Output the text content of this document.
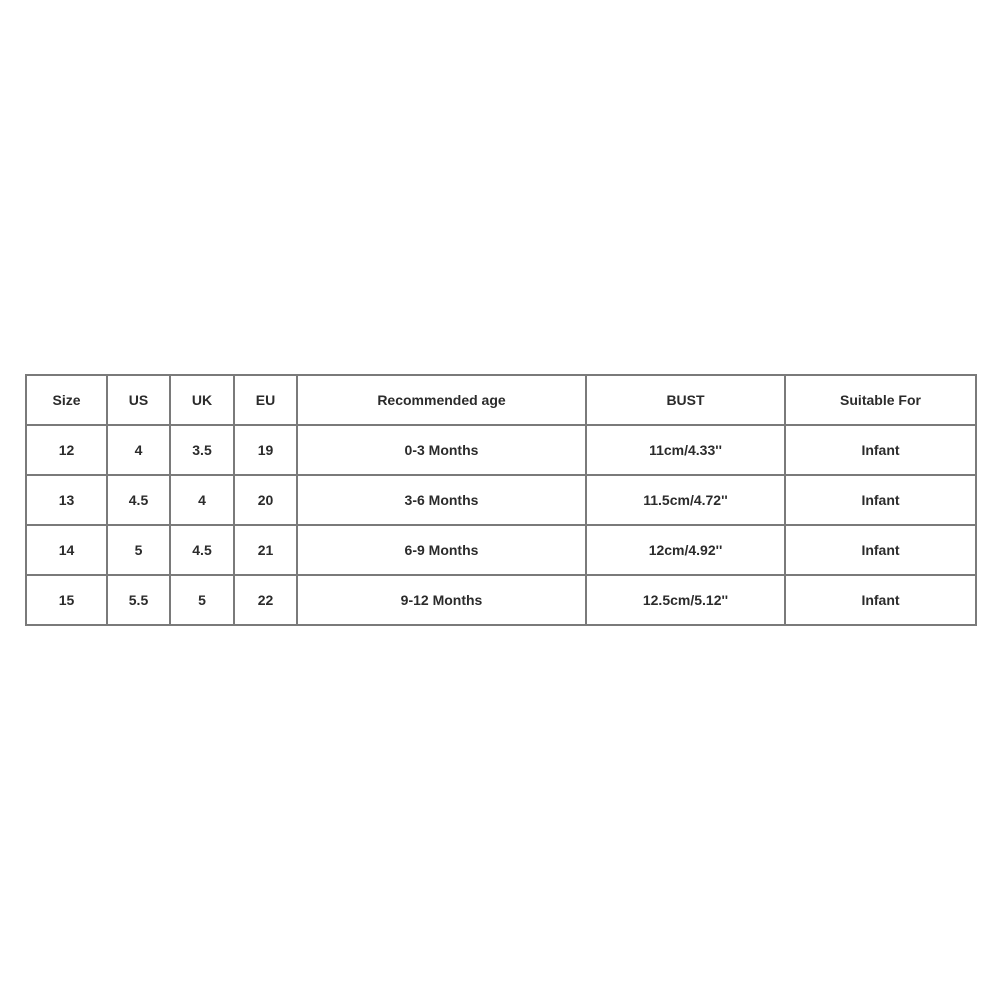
Size	US	UK	EU	Recommended age	BUST	Suitable For
12	4	3.5	19	0-3 Months	11cm/4.33''	Infant
13	4.5	4	20	3-6 Months	11.5cm/4.72''	Infant
14	5	4.5	21	6-9 Months	12cm/4.92''	Infant
15	5.5	5	22	9-12 Months	12.5cm/5.12''	Infant
